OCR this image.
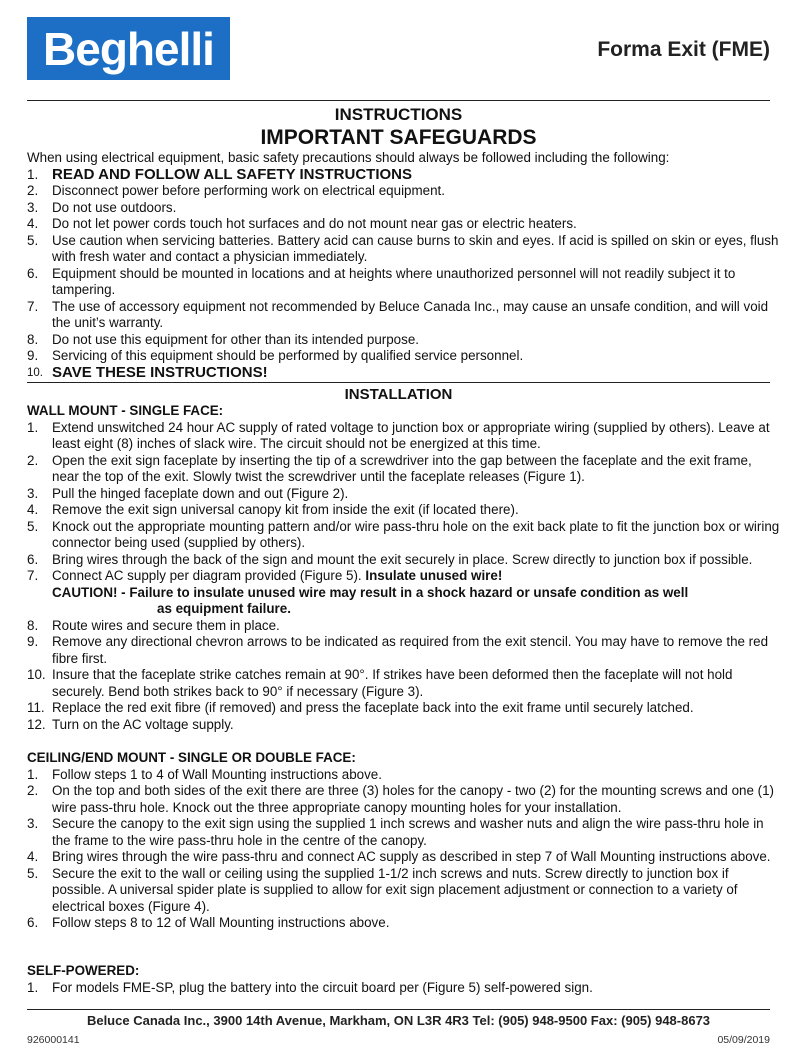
Beghelli	Forma Exit (FME)
INSTRUCTIONS
IMPORTANT SAFEGUARDS
When using electrical equipment, basic safety precautions should always be followed including the following:
1. READ AND FOLLOW ALL SAFETY INSTRUCTIONS
2. Disconnect power before performing work on electrical equipment.
3. Do not use outdoors.
4. Do not let power cords touch hot surfaces and do not mount near gas or electric heaters.
5. Use caution when servicing batteries. Battery acid can cause burns to skin and eyes. If acid is spilled on skin or eyes, flush with fresh water and contact a physician immediately.
6. Equipment should be mounted in locations and at heights where unauthorized personnel will not readily subject it to tampering.
7. The use of accessory equipment not recommended by Beluce Canada Inc., may cause an unsafe condition, and will void the unit’s warranty.
8. Do not use this equipment for other than its intended purpose.
9. Servicing of this equipment should be performed by qualified service personnel.
10. SAVE THESE INSTRUCTIONS!
INSTALLATION
WALL MOUNT - SINGLE FACE:
1. Extend unswitched 24 hour AC supply of rated voltage to junction box or appropriate wiring (supplied by others). Leave at least eight (8) inches of slack wire. The circuit should not be energized at this time.
2. Open the exit sign faceplate by inserting the tip of a screwdriver into the gap between the faceplate and the exit frame, near the top of the exit. Slowly twist the screwdriver until the faceplate releases (Figure 1).
3. Pull the hinged faceplate down and out (Figure 2).
4. Remove the exit sign universal canopy kit from inside the exit (if located there).
5. Knock out the appropriate mounting pattern and/or wire pass-thru hole on the exit back plate to fit the junction box or wiring connector being used (supplied by others).
6. Bring wires through the back of the sign and mount the exit securely in place. Screw directly to junction box if possible.
7. Connect AC supply per diagram provided (Figure 5). Insulate unused wire!
CAUTION! - Failure to insulate unused wire may result in a shock hazard or unsafe condition as well
as equipment failure.
8. Route wires and secure them in place.
9. Remove any directional chevron arrows to be indicated as required from the exit stencil. You may have to remove the red fibre first.
10. Insure that the faceplate strike catches remain at 90°. If strikes have been deformed then the faceplate will not hold securely. Bend both strikes back to 90° if necessary (Figure 3).
11. Replace the red exit fibre (if removed) and press the faceplate back into the exit frame until securely latched.
12. Turn on the AC voltage supply.
CEILING/END MOUNT - SINGLE OR DOUBLE FACE:
1. Follow steps 1 to 4 of Wall Mounting instructions above.
2. On the top and both sides of the exit there are three (3) holes for the canopy - two (2) for the mounting screws and one (1) wire pass-thru hole. Knock out the three appropriate canopy mounting holes for your installation.
3. Secure the canopy to the exit sign using the supplied 1 inch screws and washer nuts and align the wire pass-thru hole in the frame to the wire pass-thru hole in the centre of the canopy.
4. Bring wires through the wire pass-thru and connect AC supply as described in step 7 of Wall Mounting instructions above.
5. Secure the exit to the wall or ceiling using the supplied 1-1/2 inch screws and nuts. Screw directly to junction box if possible. A universal spider plate is supplied to allow for exit sign placement adjustment or connection to a variety of electrical boxes (Figure 4).
6. Follow steps 8 to 12 of Wall Mounting instructions above.
SELF-POWERED:
1. For models FME-SP, plug the battery into the circuit board per (Figure 5) self-powered sign.
Beluce Canada Inc., 3900 14th Avenue, Markham, ON L3R 4R3 Tel: (905) 948-9500 Fax: (905) 948-8673
926000141	05/09/2019
